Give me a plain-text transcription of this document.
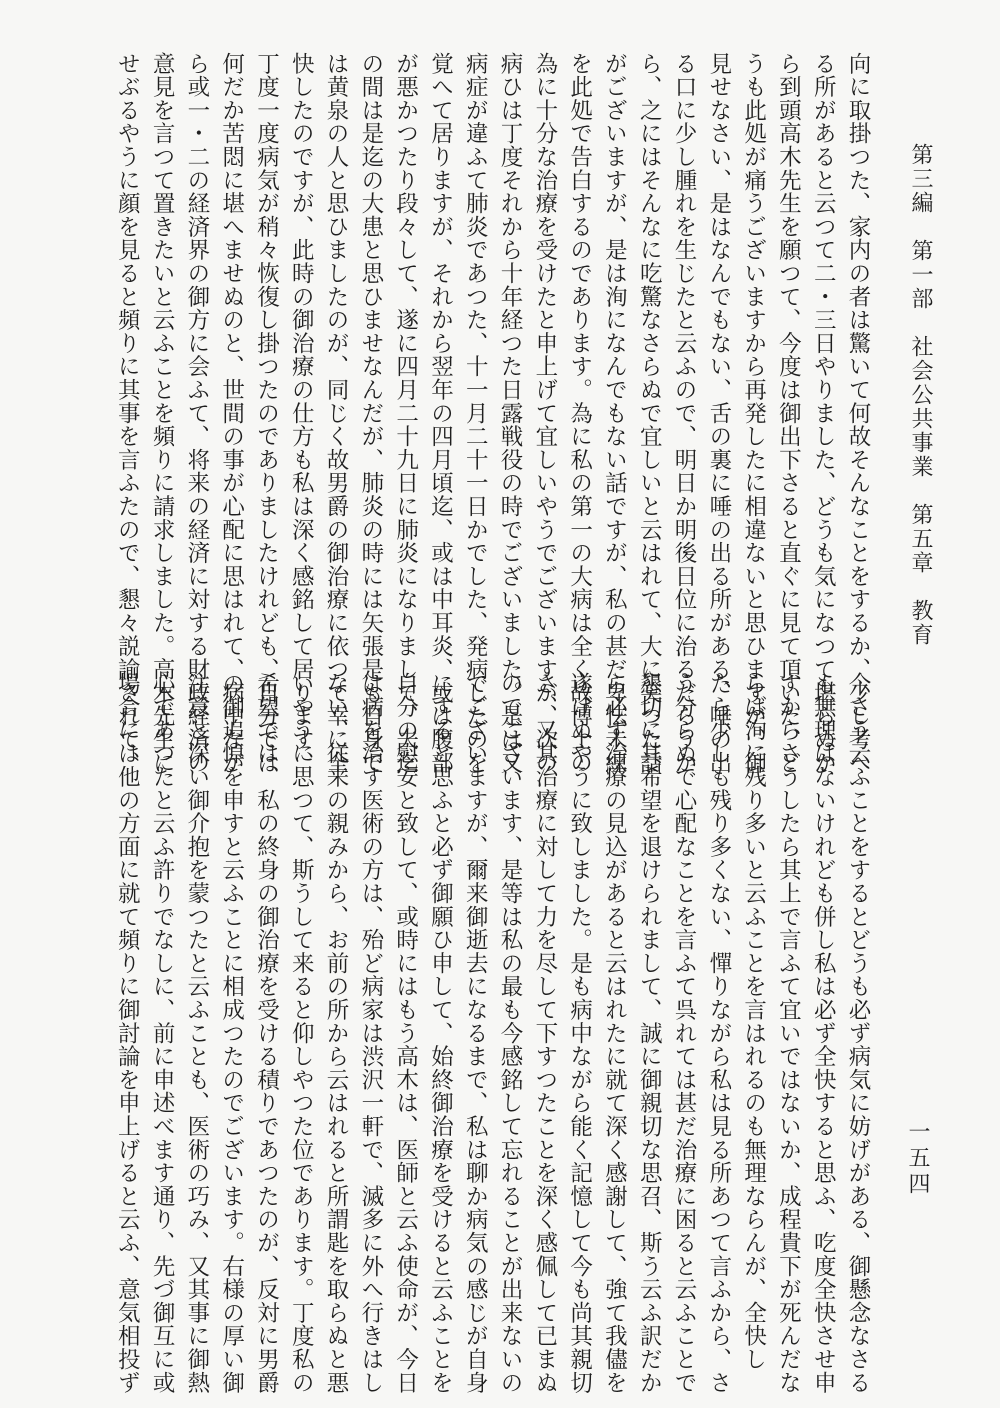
第三編　第一部　社会公共事業　第五章　教育
一五四

向に取掛つた、家内の者は驚いて何故そんなことをするか、少し考へ

る所があると云つて二・三日やりました、どうも気になつて堪らぬか

ら到頭高木先生を願つて、今度は御出下さると直ぐに見て頂いた、ど

うも此処が痛うございますから再発したに相違ないと思ひますが、御

見せなさい、是はなんでもない、舌の裏に唾の出る所がある、唾の出

る口に少し腫れを生じたと云ふので、明日か明後日位に治るだらうか

ら、之にはそんなに吃驚なさらぬで宜しいと云はれて、大に笑つた話

がございますが、是は洵になんでもない話ですが、私の甚だ卑怯未練

を此処で告白するのであります。為に私の第一の大病は全く故博士の

為に十分な治療を受けたと申上げて宜しいやうでございますが、次の

病ひは丁度それから十年経つた日露戦役の時でございました。是は又

病症が違ふて肺炎であつた、十一月二十一日かでした、発病したのを

覚へて居りますが、それから翌年の四月頃迄、或は中耳炎、或は腹部

が悪かつたり段々して、遂に四月二十九日に肺炎になりまして、夫迄

の間は是迄の大患と思ひませなんだが、肺炎の時には矢張是も自身で

は黄泉の人と思ひましたのが、同じく故男爵の御治療に依つて幸に全

快したのですが、此時の御治療の仕方も私は深く感銘して居ります、

丁度一度病気が稍々恢復し掛つたのでありましたけれども、自分では

何だか苦悶に堪へませぬのと、世間の事が心配に思はれて、病中なが

ら或一・二の経済界の御方に会ふて、将来の経済に対する財政経済の

意見を言つて置きたいと云ふことを頻りに請求しました。高木先生に

せぶるやうに顔を見ると頻りに其事を言ふたので、懇々説諭されて、

今さう云ふことをするとどうも必ず病気に妨げがある、御懸念なさる

も無理はないけれども併し私は必ず全快すると思ふ、吃度全快させ申

すからさうしたら其上で言ふて宜いではないか、成程貴下が死んだな

らば洵に残り多いと云ふことを言はれるのも無理ならんが、全快し

たら少しも残り多くない、憚りながら私は見る所あつて言ふから、さ

う分らぬで心配なことを言ふて呉れては甚だ治療に困ると云ふことで

懇切に其希望を退けられまして、誠に御親切な思召、斯う云ふ訳だか

ら必ず治療の見込があると云はれたに就て深く感謝して、強て我儘を

遂げぬやうに致しました。是も病中ながら能く記憶して今も尚其親切

さ、又其治療に対して力を尽して下すつたことを深く感佩して已まぬ

のでございます、是等は私の最も今感銘して忘れることが出来ないの

でございますが、爾来御逝去になるまで、私は聊か病気の感じが自身

にすると思ふと必ず御願ひ申して、始終御治療を受けると云ふことを

自分の慰安と致して、或時にはもう高木は、医師と云ふ使命が、今日

は病を治す医術の方は、殆ど病家は渋沢一軒で、滅多に外へ行きはし

ない、従来の親みから、お前の所から云はれると所謂匙を取らぬと悪

いやうに思つて、斯うして来ると仰しやつた位であります。丁度私の

希望では、私の終身の御治療を受ける積りであつたのが、反対に男爵

の御追悼を申すと云ふことに相成つたのでございます。右様の厚い御

注意と深い御介抱を蒙つたと云ふことも、医術の巧み、又其事に御熱

心であつたと云ふ許りでなしに、前に申述べます通り、先づ御互に或

場合には他の方面に就て頻りに御討論を申上げると云ふ、意気相投ず
